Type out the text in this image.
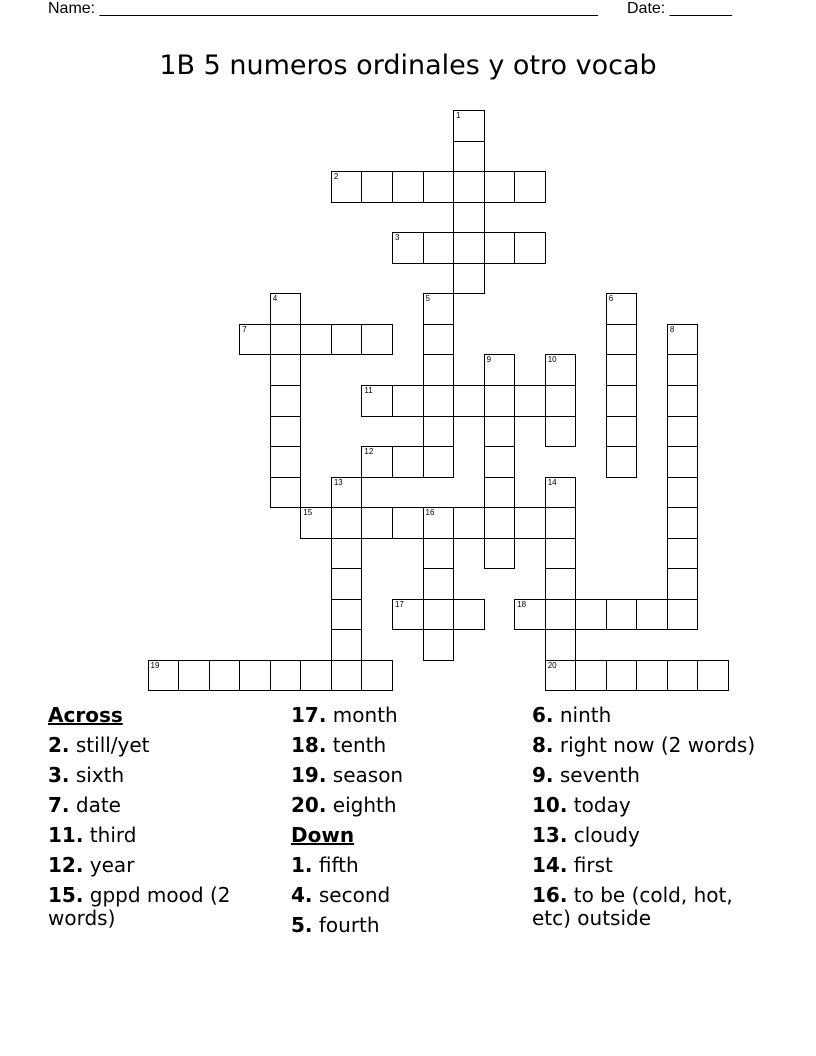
Name: ________________________________________________________ Date: _______
1B 5 numeros ordinales y otro vocab
1
2
3
4	5	6
7	8
9	10
11
12
13	14
20
15	16
17	18
19
Across
2. still/yet
3. sixth
7. date
11. third
12. year
15. gppd mood (2 words)
17. month
18. tenth
19. season
20. eighth
Down
1. fifth
4. second
5. fourth
6. ninth
8. right now (2 words)
9. seventh
10. today
13. cloudy
14. first
16. to be (cold, hot, etc) outside
